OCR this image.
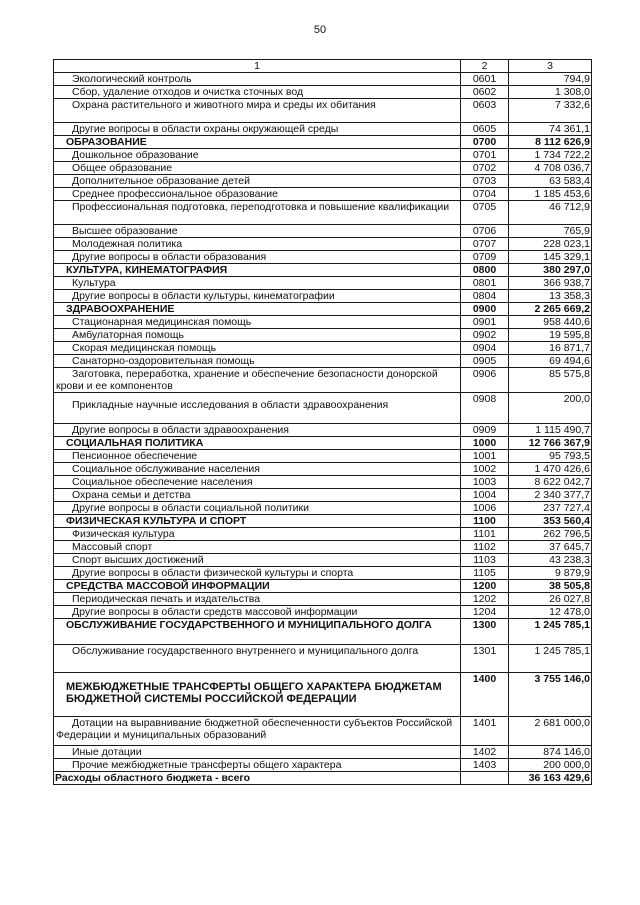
50
1	2	3
Экологический контроль	0601	794,9
Сбор, удаление отходов и очистка сточных вод	0602	1 308,0
Охрана растительного и животного мира и среды их обитания	0603	7 332,6
Другие вопросы в области охраны окружающей среды	0605	74 361,1
ОБРАЗОВАНИЕ	0700	8 112 626,9
Дошкольное образование	0701	1 734 722,2
Общее образование	0702	4 708 036,7
Дополнительное образование детей	0703	63 583,4
Среднее профессиональное образование	0704	1 185 453,6
Профессиональная подготовка, переподготовка и повышение квалификации	0705	46 712,9
Высшее образование	0706	765,9
Молодежная политика	0707	228 023,1
Другие вопросы в области образования	0709	145 329,1
КУЛЬТУРА, КИНЕМАТОГРАФИЯ	0800	380 297,0
Культура	0801	366 938,7
Другие вопросы в области культуры, кинематографии	0804	13 358,3
ЗДРАВООХРАНЕНИЕ	0900	2 265 669,2
Стационарная медицинская помощь	0901	958 440,6
Амбулаторная помощь	0902	19 595,8
Скорая медицинская помощь	0904	16 871,7
Санаторно-оздоровительная помощь	0905	69 494,6
Заготовка, переработка, хранение и обеспечение безопасности донорской крови и ее компонентов	0906	85 575,8
Прикладные научные исследования в области здравоохранения	0908	200,0
Другие вопросы в области здравоохранения	0909	1 115 490,7
СОЦИАЛЬНАЯ ПОЛИТИКА	1000	12 766 367,9
Пенсионное обеспечение	1001	95 793,5
Социальное обслуживание населения	1002	1 470 426,6
Социальное обеспечение населения	1003	8 622 042,7
Охрана семьи и детства	1004	2 340 377,7
Другие вопросы в области социальной политики	1006	237 727,4
ФИЗИЧЕСКАЯ КУЛЬТУРА И СПОРТ	1100	353 560,4
Физическая культура	1101	262 796,5
Массовый спорт	1102	37 645,7
Спорт высших достижений	1103	43 238,3
Другие вопросы в области физической культуры и спорта	1105	9 879,9
СРЕДСТВА МАССОВОЙ ИНФОРМАЦИИ	1200	38 505,8
Периодическая печать и издательства	1202	26 027,8
Другие вопросы в области средств массовой информации	1204	12 478,0
ОБСЛУЖИВАНИЕ ГОСУДАРСТВЕННОГО И МУНИЦИПАЛЬНОГО ДОЛГА	1300	1 245 785,1
Обслуживание государственного внутреннего и муниципального долга	1301	1 245 785,1
МЕЖБЮДЖЕТНЫЕ ТРАНСФЕРТЫ ОБЩЕГО ХАРАКТЕРА БЮДЖЕТАМ БЮДЖЕТНОЙ СИСТЕМЫ РОССИЙСКОЙ ФЕДЕРАЦИИ	1400	3 755 146,0
Дотации на выравнивание бюджетной обеспеченности субъектов Российской Федерации и муниципальных образований	1401	2 681 000,0
Иные дотации	1402	874 146,0
Прочие межбюджетные трансферты общего характера	1403	200 000,0
Расходы областного бюджета - всего		36 163 429,6
